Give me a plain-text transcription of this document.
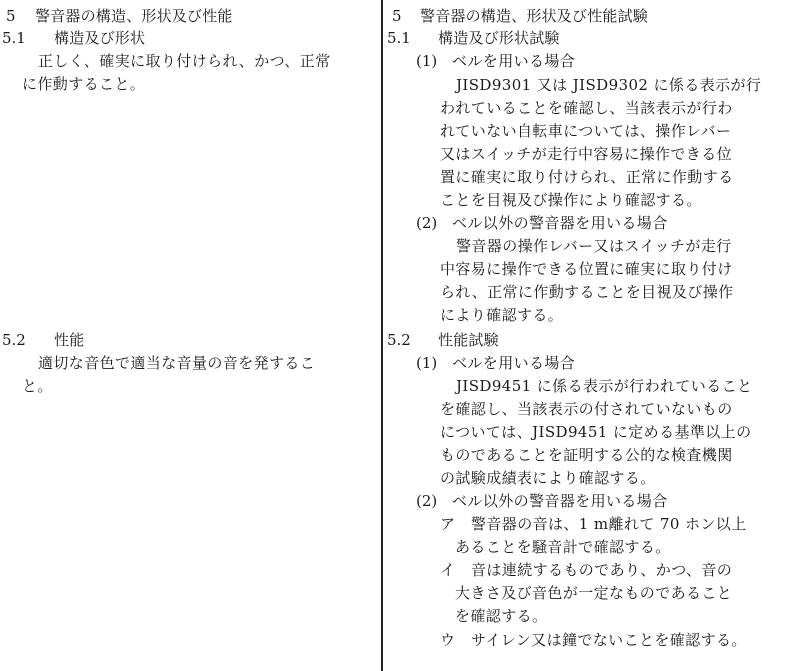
5 警音器の構造、形状及び性能
5.1 構造及び形状
正しく、確実に取り付けられ、かつ、正常
に作動すること。
5.2 性能
適切な音色で適当な音量の音を発するこ
と。
5 警音器の構造、形状及び性能試験
5.1 構造及び形状試験
(1) ベルを用いる場合
JISD9301 又は JISD9302 に係る表示が行
われていることを確認し、当該表示が行わ
れていない自転車については、操作レバー
又はスイッチが走行中容易に操作できる位
置に確実に取り付けられ、正常に作動する
ことを目視及び操作により確認する。
(2) ベル以外の警音器を用いる場合
警音器の操作レバー又はスイッチが走行
中容易に操作できる位置に確実に取り付け
られ、正常に作動することを目視及び操作
により確認する。
5.2 性能試験
(1) ベルを用いる場合
JISD9451 に係る表示が行われていること
を確認し、当該表示の付されていないもの
については、JISD9451 に定める基準以上の
ものであることを証明する公的な検査機関
の試験成績表により確認する。
(2) ベル以外の警音器を用いる場合
ア 警音器の音は、1 m離れて 70 ホン以上
あることを騒音計で確認する。
イ 音は連続するものであり、かつ、音の
大きさ及び音色が一定なものであること
を確認する。
ウ サイレン又は鐘でないことを確認する。
